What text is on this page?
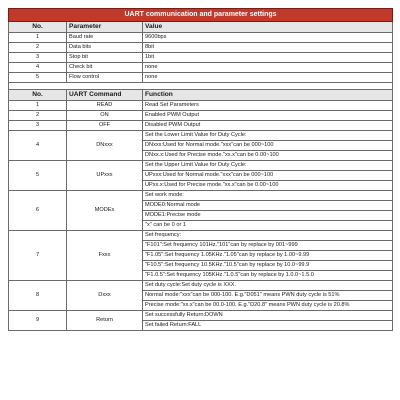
UART communication and parameter settings		
No.	Parameter	Value
1	Baud rate	9600bps
2	Data bits	8bit
3	Stop bit	1bit
4	Check bit	none
5	Flow control	none

No.	UART Command	Function
1	READ	Read Set Parameters
2	ON	Enabled PWM Output
3	OFF	Disabled PWM Output
4	DNxxx	Set the Lower Limit Value for Duty Cycle:
		DNxxx:Used for Normal mode."xxx"can be 000~100
		DNxx.x:Used for Precise mode."xx.x"can be 0.00~100
5	UPxxx	Set the Upper Limit Value for Duty Cycle:
		UPxxx:Used for Normal mode."xxx"can be 000~100
		UPxx.x:Used for Precise mode."xx.x"can be 0.00~100
6	MODEx	Set work mode:
		MODE0:Normal mode
		MODE1:Precise mode
		"x" can be 0 or 1
7	Fxxx	Set frequency:
		"F101":Set frequency 101Hz."101"can by replace by 001~999
		"F1.05":Set frequency 1.05KHz."1.05"can by replace by 1.00~9.99
		"F10.5":Set frequency 10.5KHz."10.5"can by replace by 10.0~99.9
		"F1.0.5":Set frequency 105KHz."1.0.5"can by replace by 1.0.0~1.5.0
8	Dxxx	Set duty cycle:Set duty cycle is XXX.
		Normal mode:"xxx"can be 000-100. E.g."D051" means PWN duty cycle is 51%
		Precise mode:"xx.x"can be 00.0-100. E.g."D20.8" means PWN duty cycle is 20.8%
9	Return	Set successfully Return:DOWN
		Set failed Return:FALL
